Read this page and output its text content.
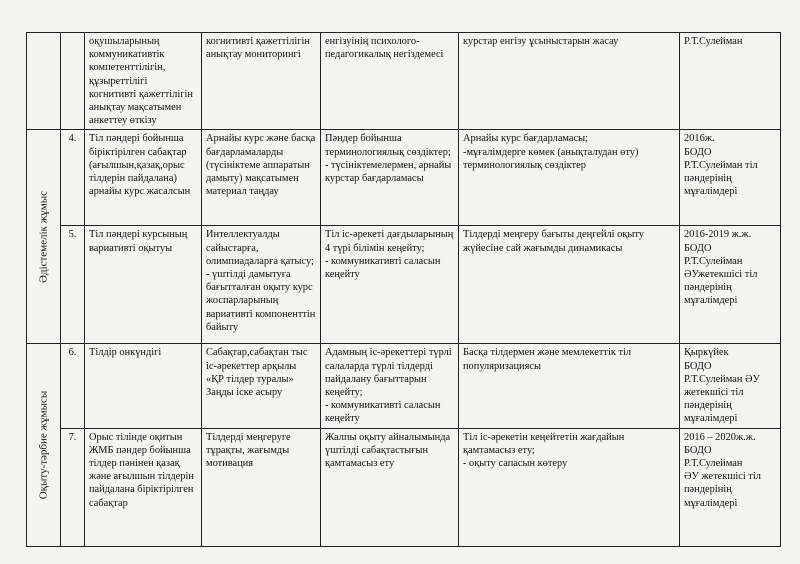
		оқушыларының коммуникативтік компетенттілігін, құзыреттілігі когнитивті қажеттілігін анықтау мақсатымен анкеттеу өткізу	когнитивті қажеттілігін анықтау мониторингі	енгізуінің психолого-педагогикалық негіздемесі	курстар енгізу ұсыныстарын жасау	Р.Т.Сулейман

Әдістемелік жұмыс	4.	Тіл пәндері бойынша біріктірілген сабақтар (ағылшын,қазақ,орыс тілдерін пайдалана) арнайы курс жасалсын	Арнайы курс және басқа бағдарламаларды (түсініктеме аппаратын дамыту) мақсатымен материал таңдау	Пәндер бойынша терминологиялық сөздіктер;
- түсініктемелермен, арнайы курстар бағдарламасы	Арнайы курс бағдарламасы;
-мұғалімдерге көмек (анықталудан өту) терминологиялық сөздіктер	2016ж.
БОДО
Р.Т.Сулейман тіл пәндерінің мұғалімдері

	5.	Тіл пәндері курсының вариативті оқытуы	Интеллектуалды сайыстарға, олимпиадаларға қатысу;
- үштілді дамытуға бағытталған оқыту курс жоспарларының вариативті компоненттін байыту	Тіл іс-әрекеті дағдыларының 4 түрі білімін кеңейту;
- коммуникативті саласын кеңейту	Тілдерді меңгеру бағыты деңгейлі оқыту жүйесіне сай жағымды динамикасы	2016-2019 ж.ж.
БОДО
Р.Т.Сулейман ӘУжетекшісі тіл пәндерінің мұғалімдері

Оқыту-тәрбие жұмысы	6.	Тілдір онкүндігі	Сабақтар,сабақтан тыс іс-әрекеттер арқылы «ҚР тілдер туралы» Заңды іске асыру	Адамның іс-әрекеттері түрлі салаларда түрлі тілдерді пайдалану бағыттарын кеңейту;
- коммуникативті саласын кеңейту	Басқа тілдермен және мемлекеттік тіл популяризациясы	Қыркүйек
БОДО
Р.Т.Сулейман ӘУ жетекшісі тіл пәндерінің мұғалімдері

	7.	Орыс тілінде оқитын ЖМБ пәндер бойынша тілдер пәнінен қазақ және ағылшын тілдерін пайдалана біріктірілген сабақтар	Тілдерді меңгеруге тұрақты, жағымды мотивация	Жалпы оқыту айналымында үштілді сабақтастығын қамтамасыз ету	Тіл іс-әрекетін кеңейтетін жағдайын қамтамасыз ету;
- оқыту сапасын көтеру	2016 – 2020ж.ж.
БОДО
Р.Т.Сулейман
ӘУ жетекшісі тіл пәндерінің мұғалімдері
